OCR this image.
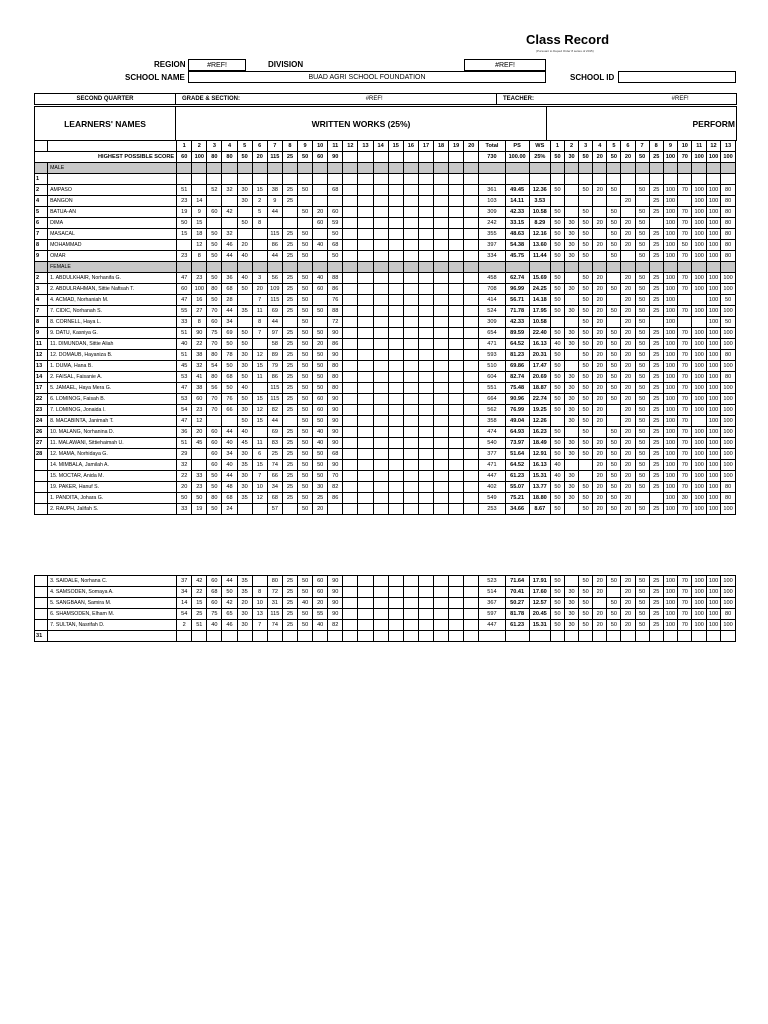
Class Record
(Pursuant to Deped Order 8 series of 2015)
REGION	#REF!	DIVISION	#REF!
SCHOOL NAME	BUAD AGRI SCHOOL FOUNDATION	SCHOOL ID
SECOND QUARTER	GRADE & SECTION:	#REF!	TEACHER:	#REF!
LEARNERS' NAMES	WRITTEN WORKS (25%)	PERFORM
		1	2	3	4	5	6	7	8	9	10	11	12	13	14	15	16	17	18	19	20	Total	PS	WS	1	2	3	4	5	6	7	8	9	10	11	12	13
HIGHEST POSSIBLE SCORE		60	100	80	80	50	20	115	25	50	60	90										730	100.00	25%	50	30	50	20	50	20	50	25	100	70	100	100	100
	MALE																																				
1																																					
2	AMPASO	51		52	32	30	15	38	25	50		68										361	49.45	12.36	50		50	20	50		50	25	100	70	100	100	80
4	BANGON	23	14			30	2	9	25													103	14.11	3.53						20		25	100		100	100	80
5	BATUA-AN	19	9	60	42		5	44		50	20	60										309	42.33	10.58	50		50		50		50	25	100	70	100	100	80
6	DIMA	50	15			50	8				60	59										242	33.15	8.29	50	30	50	20	50	20	50		100	70	100	100	80
7	MASACAL	15	18	50	32			115	25	50		50										355	48.63	12.16	50	30	50		50	20	50	25	100	70	100	100	80
8	MOHAMMAD		12	50	46	20		86	25	50	40	68										397	54.38	13.60	50	30	50	20	50	20	50	25	100	50	100	100	80
9	OMAR	23	8	50	44	40		44	25	50		50										334	45.75	11.44	50	30	50		50		50	25	100	70	100	100	80
	FEMALE																																				
2	1. ABDULKHAIR, Norhanifa G.	47	23	50	36	40	3	56	25	50	40	88										458	62.74	15.69	50		50	20		20	50	25	100	70	100	100	100
3	2. ABDULRAHMAN, Sittie Nafisah T.	60	100	80	68	50	20	109	25	50	60	86										708	96.99	24.25	50	30	50	20	50	20	50	25	100	70	100	100	100
4	4. ACMAD, Norhaniah M.	47	16	50	28		7	115	25	50		76										414	56.71	14.18	50		50	20		20	50	25	100			100	50
7	7. CIDIC, Norhanah S.	55	27	70	44	35	11	69	25	50	50	88										524	71.78	17.95	50	30	50	20	50	20	50	25	100	70	100	100	100
8	8. CORNELL, Haya L.	33	8	60	34		8	44		50		72										309	42.33	10.58			50	20		20	50		100			100	50
9	9. DATU, Kasniya G.	51	90	75	69	50	7	97	25	50	50	90										654	89.59	22.40	50	30	50	20	50	20	50	25	100	70	100	100	100
11	11. DIMUNDAN, Sittie Aliah	40	22	70	50	50		58	25	50	20	86										471	64.52	16.13	40	30	50	20	50	20	50	25	100	70	100	100	100
12	12. DOMAUB, Hayaniza B.	51	38	80	78	30	12	89	25	50	50	90										593	81.23	20.31	50		50	20	50	20	50	25	100	70	100	100	80
13	1. DUMA, Hana B.	45	32	54	50	30	15	79	25	50	50	80										510	69.86	17.47	50		50	20	50	20	50	25	100	70	100	100	100
14	2. FAISAL, Faisanie A.	53	41	80	68	50	11	86	25	50	50	80										604	82.74	20.69	50	30	50	20	50	20	50	25	100	70	100	100	80
17	5. JAMAEL, Haya Mera G.	47	38	56	50	40		115	25	50	50	80										551	75.48	18.87	50	30	50	20	50	20	50	25	100	70	100	100	100
22	6. LOMINOG, Faisah B.	53	60	70	76	50	15	115	25	50	60	90										664	90.96	22.74	50	30	50	20	50	20	50	25	100	70	100	100	100
23	7. LOMINOG, Jonaida I.	54	23	70	66	30	12	82	25	50	60	90										562	76.99	19.25	50	30	50	20		20	50	25	100	70	100	100	100
24	8. MACABINTA, Janimah T.	47	12			50	15	44		50	50	90										358	49.04	12.26		30	50	20		20	50	25	100	70		100	100
26	10. MALANG, Norhanina D.	36	20	60	44	40		69	25	50	40	90										474	64.93	16.23	50		50		50	20	50	25	100	70	100	100	100
27	11. MALAWANI, Sittiehaimah U.	51	45	60	40	45	11	83	25	50	40	90										540	73.97	18.49	50	30	50	20	50	20	50	25	100	70	100	100	100
28	12. MAMA, Norhidaya G.	29		60	34	30	6	25	25	50	50	68										377	51.64	12.91	50	30	50	20	50	20	50	25	100	70	100	100	100
	14. MIMBALA, Jamilah A.	32		60	40	35	15	74	25	50	50	90										471	64.52	16.13	40			20	50	20	50	25	100	70	100	100	100
	15. MOCTAR, Anida M.	22	33	50	44	30	7	66	25	50	50	70										447	61.23	15.31	40	30		20	50	20	50	25	100	70	100	100	100
	19. PAKER, Hanuf S.	20	23	50	48	30	10	34	25	50	30	82										402	55.07	13.77	50	30	50	20	50	20	50	25	100	70	100	100	80
	1. PANDITA, Johara G.	50	50	80	68	35	12	68	25	50	25	86										549	75.21	18.80	50	30	50	20	50	20			100	30	100	100	80
	2. RAUPH, Jalifah S.	33	19	50	24			57		50	20											253	34.66	8.67	50		50	20	50	20	50	25	100	70	100	100	100
	3. SAIDALE, Norhana C.	37	42	60	44	35		80	25	50	60	90										523	71.64	17.91	50		50	20	50	20	50	25	100	70	100	100	100
	4. SAMSODEN, Somaya A.	34	22	68	50	35	8	72	25	50	60	90										514	70.41	17.60	50	30	50	20		20	50	25	100	70	100	100	100
	5. SANGBAAN, Samira M.	14	15	60	42	20	10	31	25	40	20	90										367	50.27	12.57	50	30	50		50	20	50	25	100	70	100	100	100
	6. SHAMSODEN, Elham M.	54	25	75	65	30	13	115	25	50	55	90										597	81.78	20.45	50	30	50	20	50	20	50	25	100	70	100	100	80
	7. SULTAN, Nasrifah D.	2	51	40	46	30	7	74	25	50	40	82										447	61.23	15.31	50	30	50	20	50	20	50	25	100	70	100	100	100
31																																					
